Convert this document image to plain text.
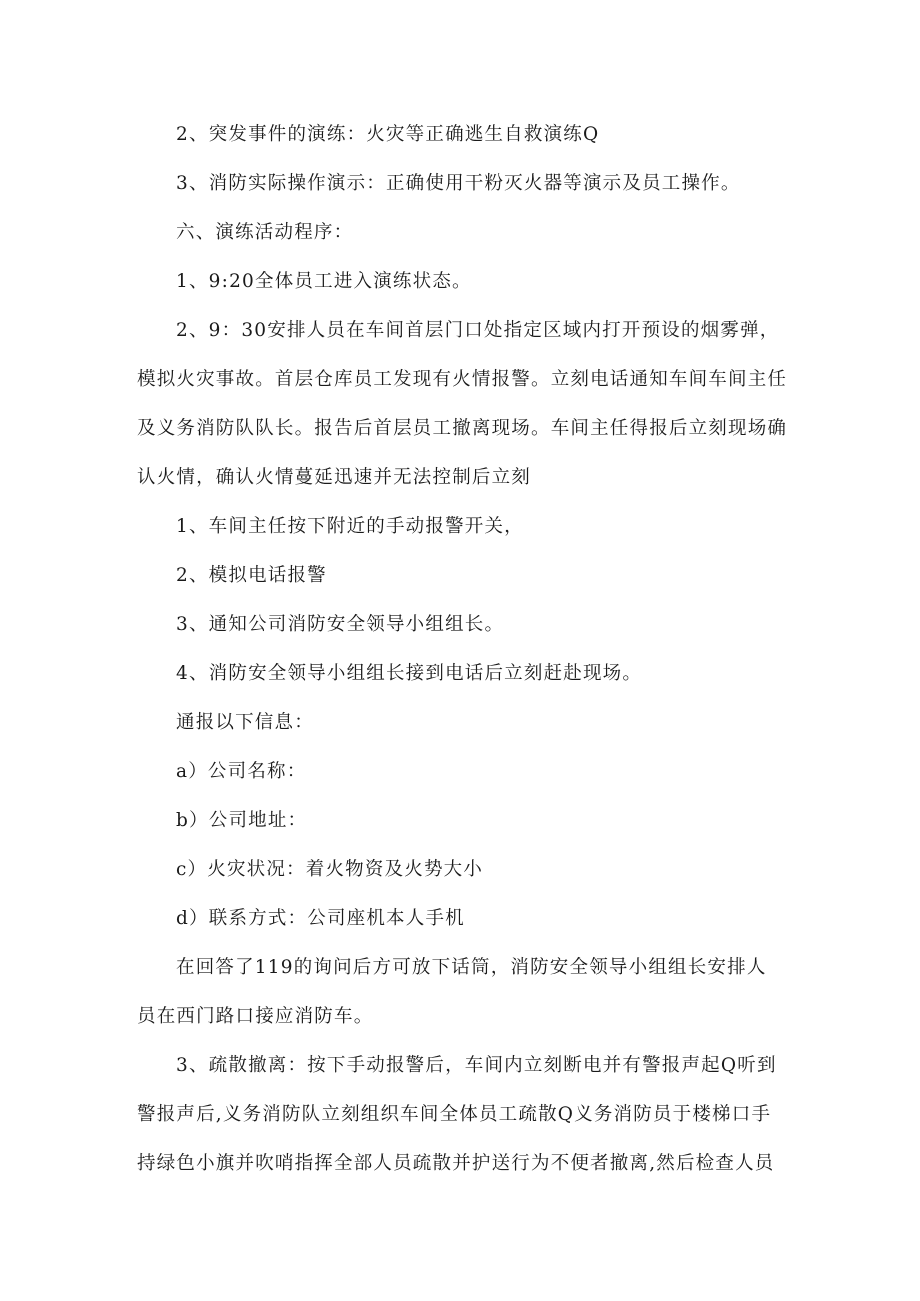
2、突发事件的演练：火灾等正确逃生自救演练Q
3、消防实际操作演示：正确使用干粉灭火器等演示及员工操作。
六、演练活动程序：
1、9:20全体员工进入演练状态。
2、9：30安排人员在车间首层门口处指定区域内打开预设的烟雾弹，
模拟火灾事故。首层仓库员工发现有火情报警。立刻电话通知车间车间主任
及义务消防队队长。报告后首层员工撤离现场。车间主任得报后立刻现场确
认火情，确认火情蔓延迅速并无法控制后立刻
1、车间主任按下附近的手动报警开关，
2、模拟电话报警
3、通知公司消防安全领导小组组长。
4、消防安全领导小组组长接到电话后立刻赶赴现场。
通报以下信息：
a）公司名称：
b）公司地址：
c）火灾状况：着火物资及火势大小
d）联系方式：公司座机本人手机
在回答了119的询问后方可放下话筒，消防安全领导小组组长安排人
员在西门路口接应消防车。
3、疏散撤离：按下手动报警后，车间内立刻断电并有警报声起Q听到
警报声后,义务消防队立刻组织车间全体员工疏散Q义务消防员于楼梯口手
持绿色小旗并吹哨指挥全部人员疏散并护送行为不便者撤离,然后检查人员
